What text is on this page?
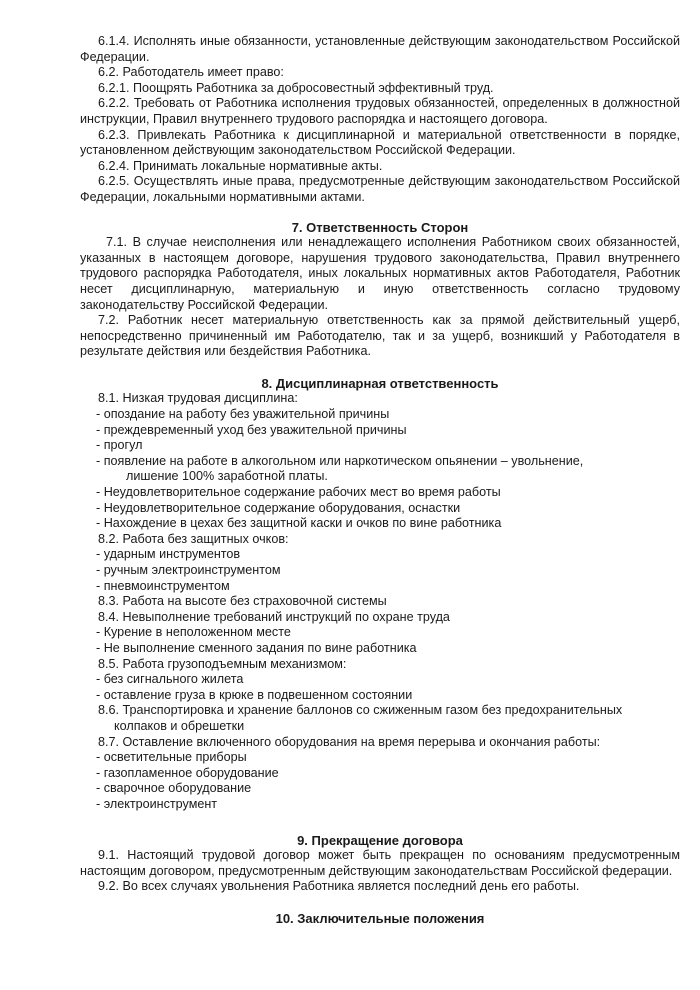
6.1.4. Исполнять иные обязанности, установленные действующим законодательством Российской Федерации.

6.2. Работодатель имеет право:

6.2.1. Поощрять Работника за добросовестный эффективный труд.

6.2.2. Требовать от Работника исполнения трудовых обязанностей, определенных в должностной инструкции, Правил внутреннего трудового распорядка и настоящего договора.

6.2.3. Привлекать Работника к дисциплинарной и материальной ответственности в порядке, установленном действующим законодательством Российской Федерации.

6.2.4. Принимать локальные нормативные акты.

6.2.5. Осуществлять иные права, предусмотренные действующим законодательством Российской Федерации, локальными нормативными актами.

7. Ответственность Сторон

7.1. В случае неисполнения или ненадлежащего исполнения Работником своих обязанностей, указанных в настоящем договоре, нарушения трудового законодательства, Правил внутреннего трудового распорядка Работодателя, иных локальных нормативных актов Работодателя, Работник несет дисциплинарную, материальную и иную ответственность согласно трудовому законодательству Российской Федерации.

7.2. Работник несет материальную ответственность как за прямой действительный ущерб, непосредственно причиненный им Работодателю, так и за ущерб, возникший у Работодателя в результате действия или бездействия Работника.

8. Дисциплинарная ответственность

8.1. Низкая трудовая дисциплина:

- опоздание на работу без уважительной причины

- преждевременный уход без уважительной причины

- прогул

- появление на работе в алкогольном или наркотическом опьянении – увольнение,

лишение 100% заработной платы.

- Неудовлетворительное содержание рабочих мест во время работы

- Неудовлетворительное содержание оборудования, оснастки

- Нахождение в цехах без защитной каски и очков по вине работника

8.2. Работа без защитных очков:

- ударным инструментов

- ручным электроинструментом

- пневмоинструментом

8.3. Работа на высоте без страховочной системы

8.4. Невыполнение требований инструкций по охране труда

- Курение в неположенном месте

- Не выполнение сменного задания по вине работника

8.5. Работа грузоподъемным механизмом:

- без сигнального жилета

- оставление груза в крюке в подвешенном состоянии

8.6. Транспортировка и хранение баллонов со сжиженным газом без предохранительных

колпаков и обрешетки

8.7. Оставление включенного оборудования на время перерыва и окончания работы:

- осветительные приборы

- газопламенное оборудование

- сварочное оборудование

- электроинструмент

9. Прекращение договора

9.1. Настоящий трудовой договор может быть прекращен по основаниям предусмотренным настоящим договором, предусмотренным действующим законодательствам Российской федерации.

9.2. Во всех случаях увольнения Работника является последний день его работы.

10. Заключительные положения
